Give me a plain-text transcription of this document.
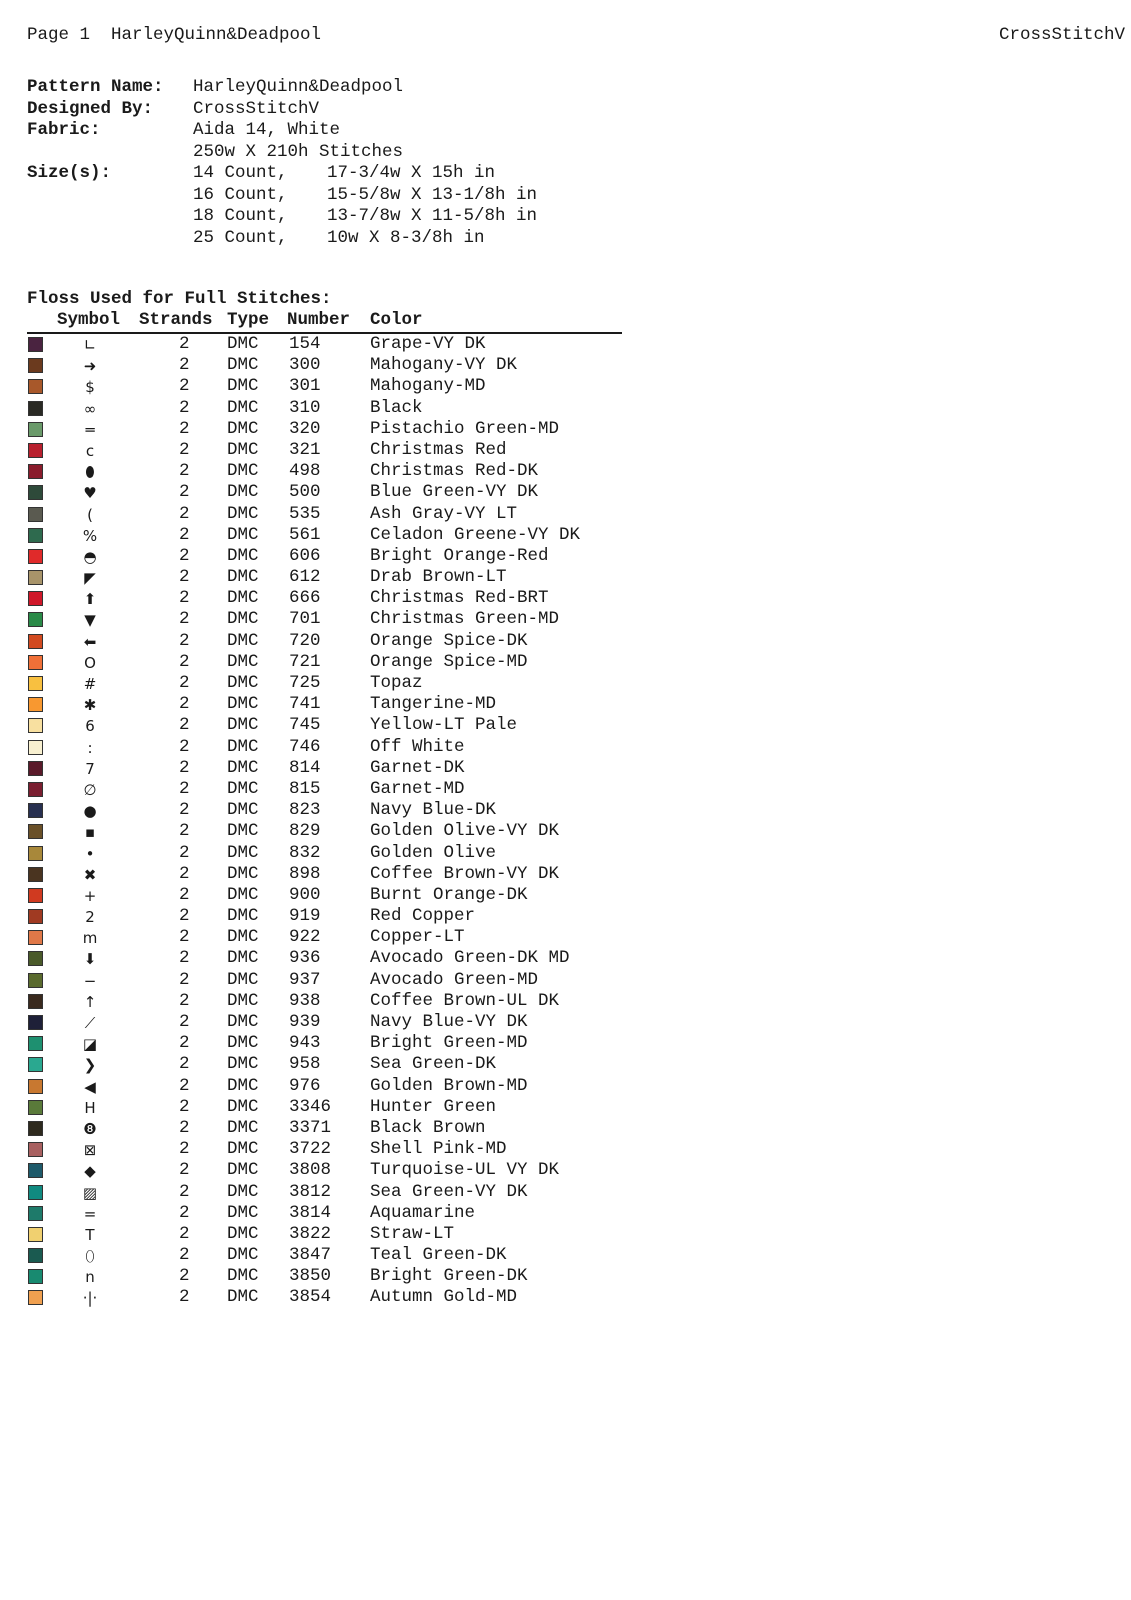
Page 1  HarleyQuinn&Deadpool	CrossStitchV
Pattern Name: HarleyQuinn&Deadpool
Designed By: CrossStitchV
Fabric:	Aida 14, White
250w X 210h Stitches
Size(s):	14 Count, 17-3/4w X 15h in
16 Count, 15-5/8w X 13-1/8h in
18 Count, 13-7/8w X 11-5/8h in
25 Count, 10w X 8-3/8h in
Floss Used for Full Stitches:
Symbol Strands Type Number Color
∟	2 DMC 154	Grape-VY DK
➜	2 DMC 300	Mahogany-VY DK
$	2 DMC 301	Mahogany-MD
∞	2 DMC 310	Black
═	2 DMC 320	Pistachio Green-MD
c	2 DMC 321	Christmas Red
⬮	2 DMC 498	Christmas Red-DK
♥	2 DMC 500	Blue Green-VY DK
(	2 DMC 535	Ash Gray-VY LT
%	2 DMC 561	Celadon Greene-VY DK
◓	2 DMC 606	Bright Orange-Red
◤	2 DMC 612	Drab Brown-LT
⬆	2 DMC 666	Christmas Red-BRT
▼	2 DMC 701	Christmas Green-MD
⬅	2 DMC 720	Orange Spice-DK
O	2 DMC 721	Orange Spice-MD
#	2 DMC 725	Topaz
✱	2 DMC 741	Tangerine-MD
6	2 DMC 745	Yellow-LT Pale
:	2 DMC 746	Off White
7	2 DMC 814	Garnet-DK
∅	2 DMC 815	Garnet-MD
●	2 DMC 823	Navy Blue-DK
▪	2 DMC 829	Golden Olive-VY DK
•	2 DMC 832	Golden Olive
✖	2 DMC 898	Coffee Brown-VY DK
+	2 DMC 900	Burnt Orange-DK
2	2 DMC 919	Red Copper
m	2 DMC 922	Copper-LT
⬇	2 DMC 936	Avocado Green-DK MD
−	2 DMC 937	Avocado Green-MD
↑	2 DMC 938	Coffee Brown-UL DK
⟋	2 DMC 939	Navy Blue-VY DK
◪	2 DMC 943	Bright Green-MD
❯	2 DMC 958	Sea Green-DK
◀	2 DMC 976	Golden Brown-MD
H	2 DMC 3346 Hunter Green
❽	2 DMC 3371 Black Brown
⊠	2 DMC 3722 Shell Pink-MD
◆	2 DMC 3808 Turquoise-UL VY DK
▨	2 DMC 3812 Sea Green-VY DK
=	2 DMC 3814 Aquamarine
T	2 DMC 3822 Straw-LT
⬯	2 DMC 3847 Teal Green-DK
n	2 DMC 3850 Bright Green-DK
·|·	2 DMC 3854 Autumn Gold-MD
